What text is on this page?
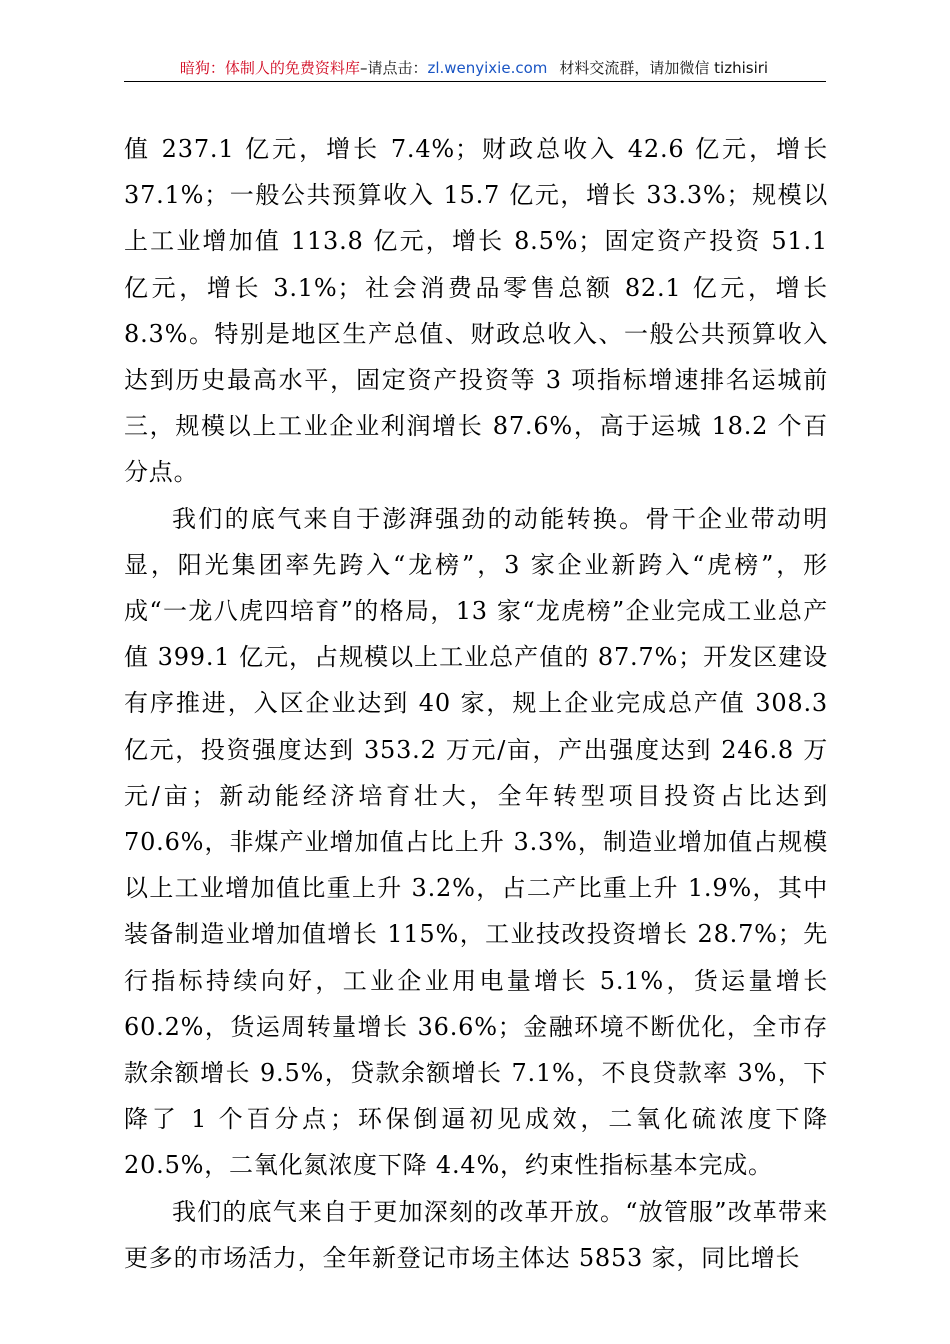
暗狗：体制人的免费资料库–请点击：zl.wenyixie.com 材料交流群，请加微信 tizhisiri

值 237.1 亿元，增长 7.4%；财政总收入 42.6 亿元，增长 37.1%；一般公共预算收入 15.7 亿元，增长 33.3%；规模以上工业增加值 113.8 亿元，增长 8.5%；固定资产投资 51.1 亿元，增长 3.1%；社会消费品零售总额 82.1 亿元，增长 8.3%。特别是地区生产总值、财政总收入、一般公共预算收入达到历史最高水平，固定资产投资等 3 项指标增速排名运城前三，规模以上工业企业利润增长 87.6%，高于运城 18.2 个百分点。

我们的底气来自于澎湃强劲的动能转换。骨干企业带动明显，阳光集团率先跨入“龙榜”，3 家企业新跨入“虎榜”，形成“一龙八虎四培育”的格局，13 家“龙虎榜”企业完成工业总产值 399.1 亿元，占规模以上工业总产值的 87.7%；开发区建设有序推进，入区企业达到 40 家，规上企业完成总产值 308.3 亿元，投资强度达到 353.2 万元/亩，产出强度达到 246.8 万元/亩；新动能经济培育壮大，全年转型项目投资占比达到 70.6%，非煤产业增加值占比上升 3.3%，制造业增加值占规模以上工业增加值比重上升 3.2%，占二产比重上升 1.9%，其中装备制造业增加值增长 115%，工业技改投资增长 28.7%；先行指标持续向好，工业企业用电量增长 5.1%，货运量增长 60.2%，货运周转量增长 36.6%；金融环境不断优化，全市存款余额增长 9.5%，贷款余额增长 7.1%，不良贷款率 3%，下降了 1 个百分点；环保倒逼初见成效，二氧化硫浓度下降 20.5%，二氧化氮浓度下降 4.4%，约束性指标基本完成。

我们的底气来自于更加深刻的改革开放。“放管服”改革带来更多的市场活力，全年新登记市场主体达 5853 家，同比增长
